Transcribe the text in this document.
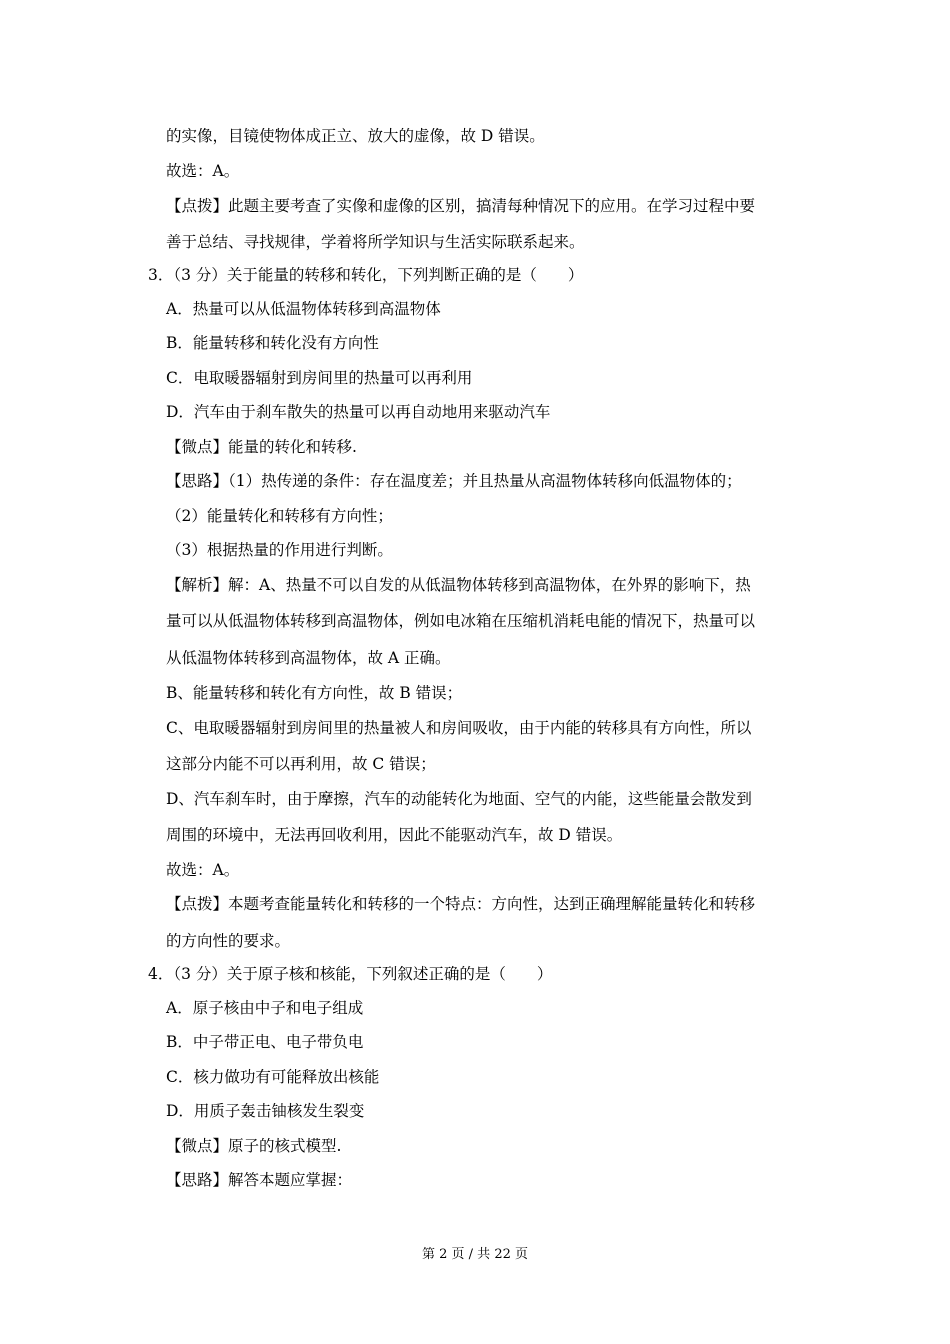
的实像，目镜使物体成正立、放大的虚像，故 D 错误。
故选：A。
【点拨】此题主要考查了实像和虚像的区别，搞清每种情况下的应用。在学习过程中要
善于总结、寻找规律，学着将所学知识与生活实际联系起来。
3．（3 分）关于能量的转移和转化，下列判断正确的是（　　）
A．热量可以从低温物体转移到高温物体
B．能量转移和转化没有方向性
C．电取暖器辐射到房间里的热量可以再利用
D．汽车由于刹车散失的热量可以再自动地用来驱动汽车
【微点】能量的转化和转移.
【思路】（1）热传递的条件：存在温度差；并且热量从高温物体转移向低温物体的；
（2）能量转化和转移有方向性；
（3）根据热量的作用进行判断。
【解析】解：A、热量不可以自发的从低温物体转移到高温物体，在外界的影响下，热
量可以从低温物体转移到高温物体，例如电冰箱在压缩机消耗电能的情况下，热量可以
从低温物体转移到高温物体，故 A 正确。
B、能量转移和转化有方向性，故 B 错误；
C、电取暖器辐射到房间里的热量被人和房间吸收，由于内能的转移具有方向性，所以
这部分内能不可以再利用，故 C 错误；
D、汽车刹车时，由于摩擦，汽车的动能转化为地面、空气的内能，这些能量会散发到
周围的环境中，无法再回收利用，因此不能驱动汽车，故 D 错误。
故选：A。
【点拨】本题考查能量转化和转移的一个特点：方向性，达到正确理解能量转化和转移
的方向性的要求。
4．（3 分）关于原子核和核能，下列叙述正确的是（　　）
A．原子核由中子和电子组成
B．中子带正电、电子带负电
C．核力做功有可能释放出核能
D．用质子轰击铀核发生裂变
【微点】原子的核式模型.
【思路】解答本题应掌握：
第 2 页 / 共 22 页
